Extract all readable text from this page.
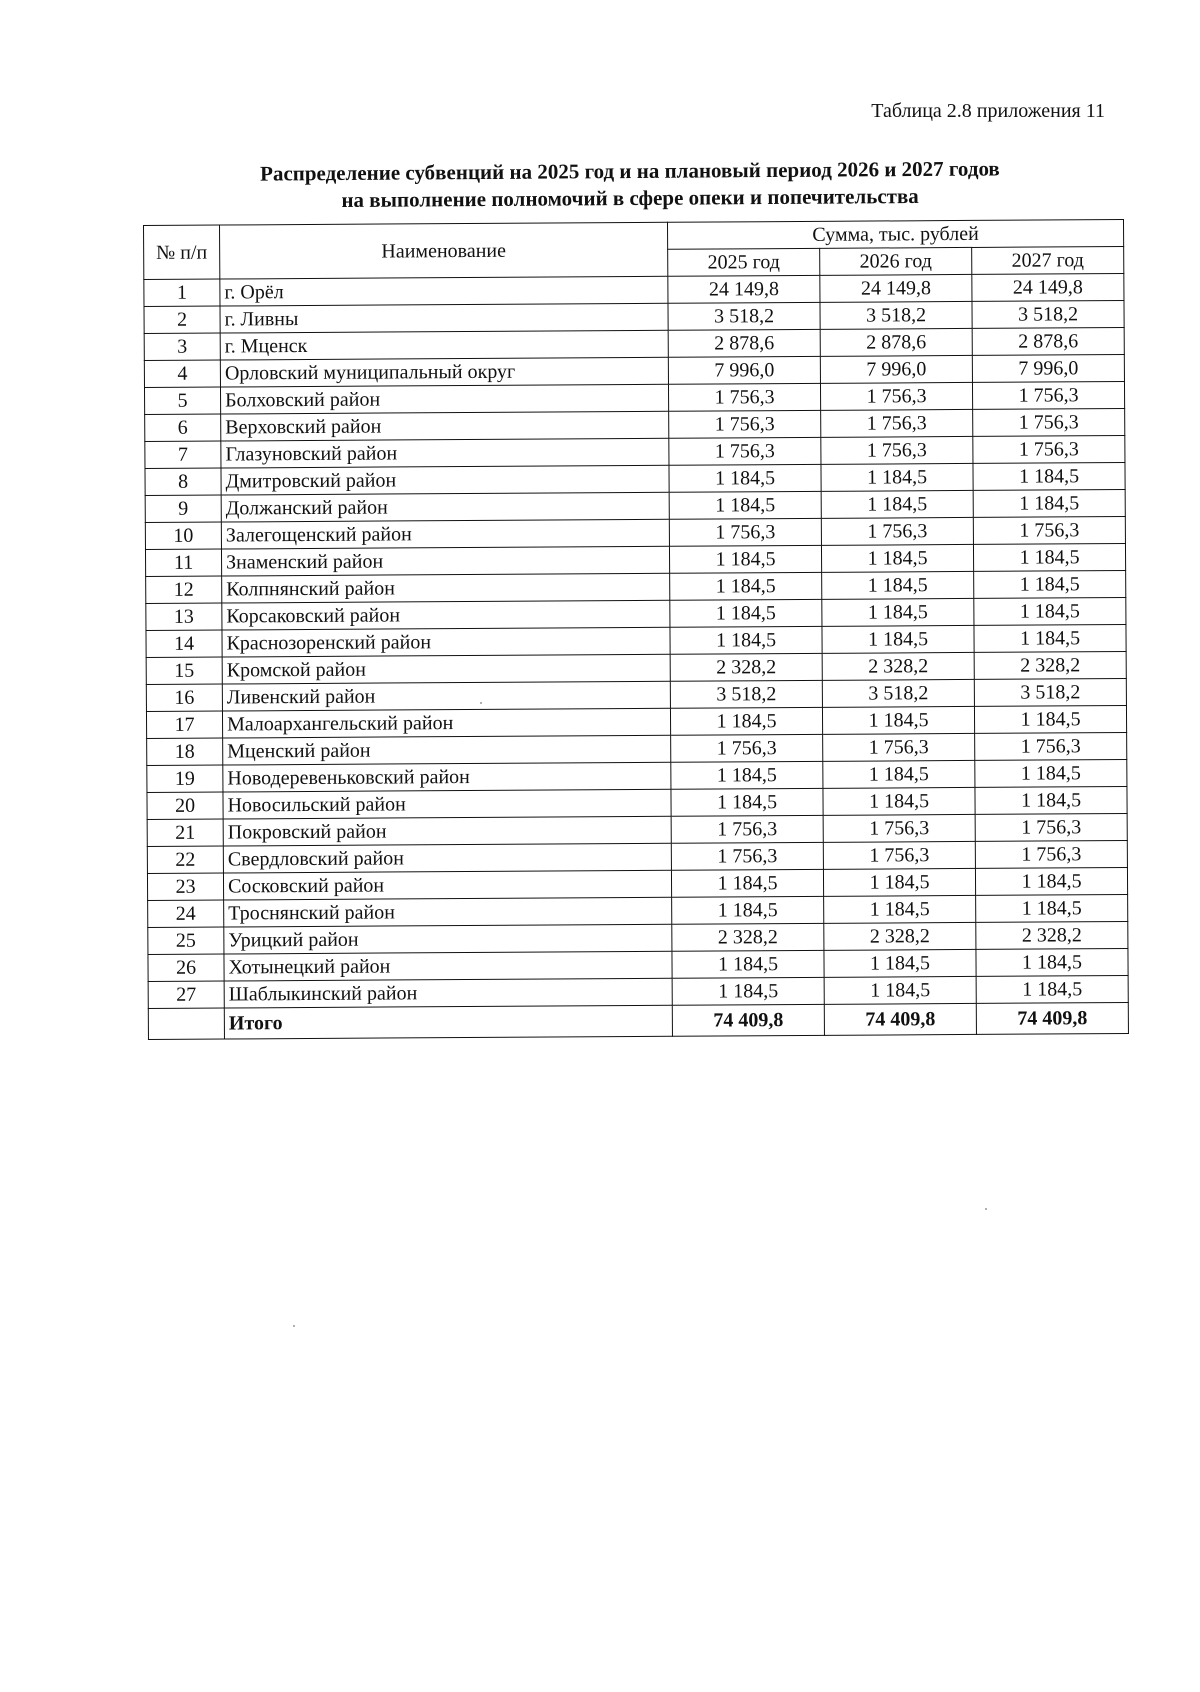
Таблица 2.8 приложения 11
Распределение субвенций на 2025 год и на плановый период 2026 и 2027 годов
на выполнение полномочий в сфере опеки и попечительства
№ п/п	Наименование	Сумма, тыс. рублей		
		2025 год	2026 год	2027 год
1	г. Орёл	24 149,8	24 149,8	24 149,8
2	г. Ливны	3 518,2	3 518,2	3 518,2
3	г. Мценск	2 878,6	2 878,6	2 878,6
4	Орловский муниципальный округ	7 996,0	7 996,0	7 996,0
5	Болховский район	1 756,3	1 756,3	1 756,3
6	Верховский район	1 756,3	1 756,3	1 756,3
7	Глазуновский район	1 756,3	1 756,3	1 756,3
8	Дмитровский район	1 184,5	1 184,5	1 184,5
9	Должанский район	1 184,5	1 184,5	1 184,5
10	Залегощенский район	1 756,3	1 756,3	1 756,3
11	Знаменский район	1 184,5	1 184,5	1 184,5
12	Колпнянский район	1 184,5	1 184,5	1 184,5
13	Корсаковский район	1 184,5	1 184,5	1 184,5
14	Краснозоренский район	1 184,5	1 184,5	1 184,5
15	Кромской район	2 328,2	2 328,2	2 328,2
16	Ливенский район	3 518,2	3 518,2	3 518,2
17	Малоархангельский район	1 184,5	1 184,5	1 184,5
18	Мценский район	1 756,3	1 756,3	1 756,3
19	Новодеревеньковский район	1 184,5	1 184,5	1 184,5
20	Новосильский район	1 184,5	1 184,5	1 184,5
21	Покровский район	1 756,3	1 756,3	1 756,3
22	Свердловский район	1 756,3	1 756,3	1 756,3
23	Сосковский район	1 184,5	1 184,5	1 184,5
24	Троснянский район	1 184,5	1 184,5	1 184,5
25	Урицкий район	2 328,2	2 328,2	2 328,2
26	Хотынецкий район	1 184,5	1 184,5	1 184,5
27	Шаблыкинский район	1 184,5	1 184,5	1 184,5
	Итого	74 409,8	74 409,8	74 409,8
